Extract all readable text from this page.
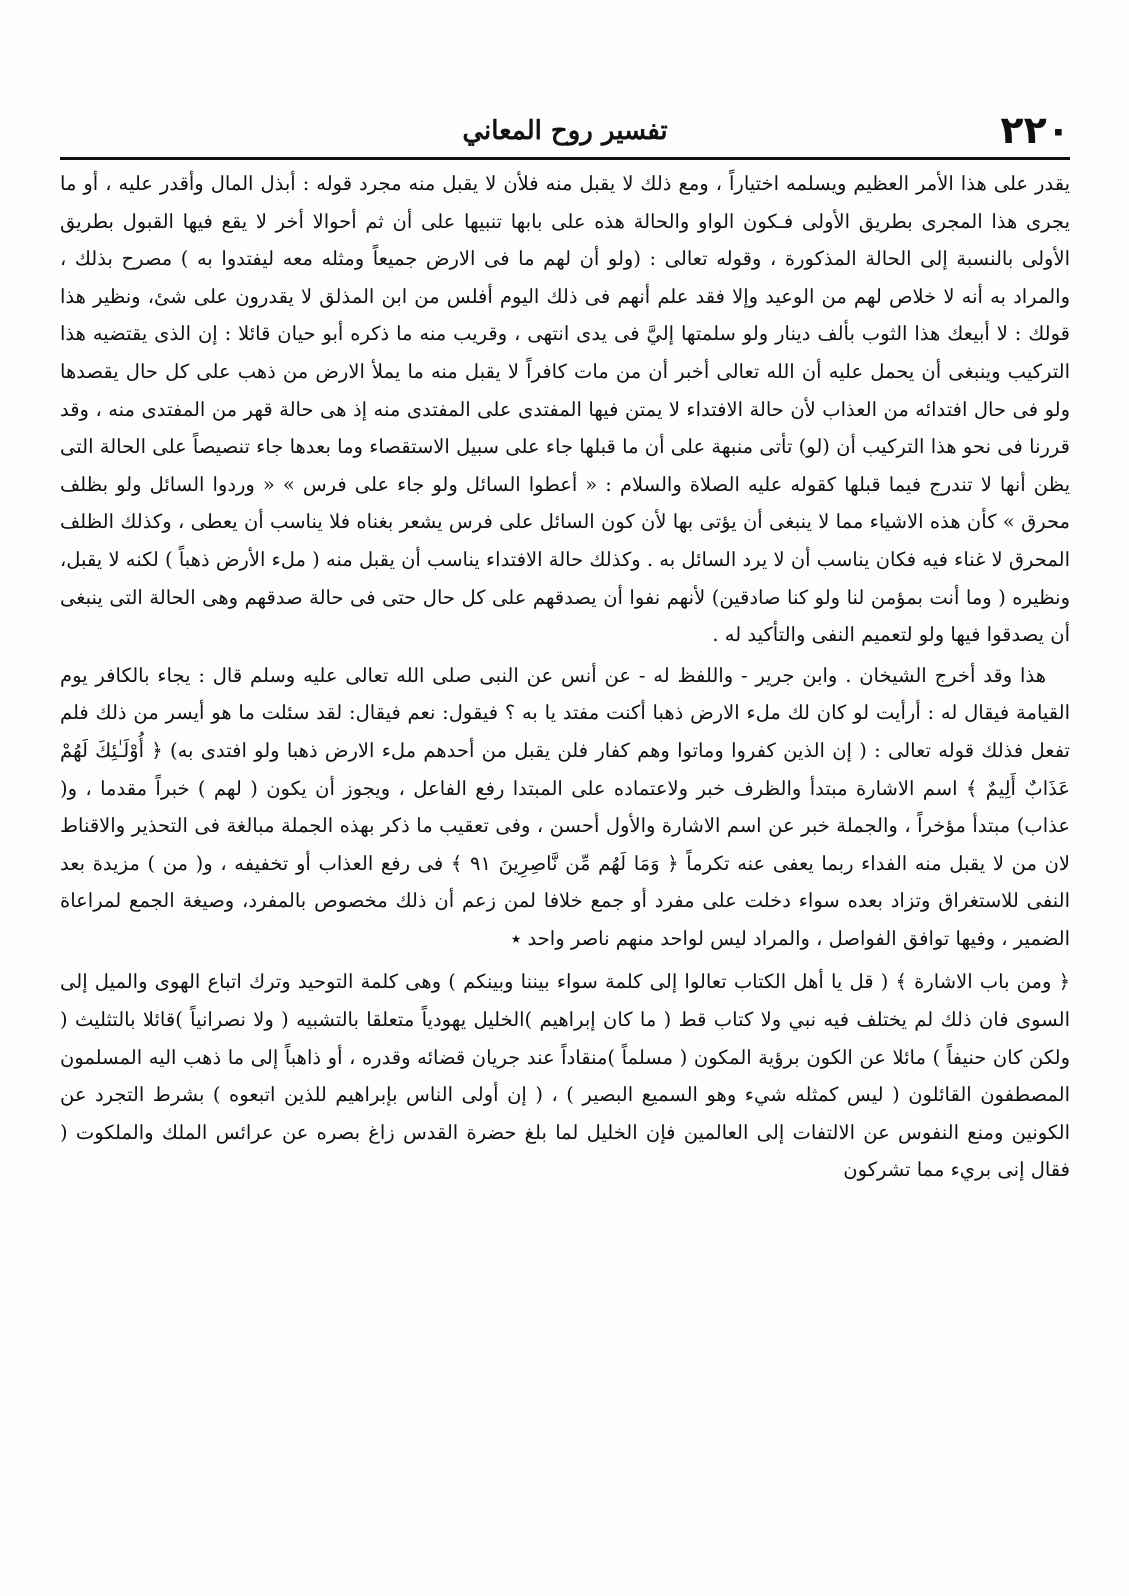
٢٢٠
تفسير روح المعاني

يقدر على هذا الأمر العظيم ويسلمه اختياراً ، ومع ذلك لا يقبل منه فلأن لا يقبل منه مجرد قوله : أبذل المال وأقدر عليه ، أو ما يجرى هذا المجرى بطريق الأولى فـكون الواو والحالة هذه على بابها تنبيها على أن ثم أحوالا أخر لا يقع فيها القبول بطريق الأولى بالنسبة إلى الحالة المذكورة ، وقوله تعالى : (ولو أن لهم ما فى الارض جميعاً ومثله معه ليفتدوا به ) مصرح بذلك ، والمراد به أنه لا خلاص لهم من الوعيد وإلا فقد علم أنهم فى ذلك اليوم أفلس من ابن المذلق لا يقدرون على شئ، ونظير هذا قولك : لا أبيعك هذا الثوب بألف دينار ولو سلمتها إليَّ فى يدى انتهى ، وقريب منه ما ذكره أبو حيان قائلا : إن الذى يقتضيه هذا التركيب وينبغى أن يحمل عليه أن الله تعالى أخبر أن من مات كافراً لا يقبل منه ما يملأ الارض من ذهب على كل حال يقصدها ولو فى حال افتدائه من العذاب لأن حالة الافتداء لا يمتن فيها المفتدى على المفتدى منه إذ هى حالة قهر من المفتدى منه ، وقد قررنا فى نحو هذا التركيب أن (لو) تأتى منبهة على أن ما قبلها جاء على سبيل الاستقصاء وما بعدها جاء تنصيصاً على الحالة التى يظن أنها لا تندرج فيما قبلها كقوله عليه الصلاة والسلام : « أعطوا السائل ولو جاء على فرس » « وردوا السائل ولو بظلف محرق » كأن هذه الاشياء مما لا ينبغى أن يؤتى بها لأن كون السائل على فرس يشعر بغناه فلا يناسب أن يعطى ، وكذلك الظلف المحرق لا غناء فيه فكان يناسب أن لا يرد السائل به . وكذلك حالة الافتداء يناسب أن يقبل منه ( ملء الأرض ذهباً ) لكنه لا يقبل، ونظيره ( وما أنت بمؤمن لنا ولو كنا صادقين) لأنهم نفوا أن يصدقهم على كل حال حتى فى حالة صدقهم وهى الحالة التى ينبغى أن يصدقوا فيها ولو لتعميم النفى والتأكيد له .

هذا وقد أخرج الشيخان . وابن جرير - واللفظ له - عن أنس عن النبى صلى الله تعالى عليه وسلم قال : يجاء بالكافر يوم القيامة فيقال له : أرأيت لو كان لك ملء الارض ذهبا أكنت مفتد يا به ؟ فيقول: نعم فيقال: لقد سئلت ما هو أيسر من ذلك فلم تفعل فذلك قوله تعالى : ( إن الذين كفروا وماتوا وهم كفار فلن يقبل من أحدهم ملء الارض ذهبا ولو افتدى به) ﴿ أُوْلَـٰئِكَ لَهُمْ عَذَابٌ أَلِيمٌ ﴾ اسم الاشارة مبتدأ والظرف خبر ولاعتماده على المبتدا رفع الفاعل ، ويجوز أن يكون ( لهم ) خبراً مقدما ، و( عذاب) مبتدأ مؤخراً ، والجملة خبر عن اسم الاشارة والأول أحسن ، وفى تعقيب ما ذكر بهذه الجملة مبالغة فى التحذير والاقناط لان من لا يقبل منه الفداء ربما يعفى عنه تكرماً ﴿ وَمَا لَهُم مِّن نَّاصِرِينَ ٩١ ﴾ فى رفع العذاب أو تخفيفه ، و( من ) مزيدة بعد النفى للاستغراق وتزاد بعده سواء دخلت على مفرد أو جمع خلافا لمن زعم أن ذلك مخصوص بالمفرد، وصيغة الجمع لمراعاة الضمير ، وفيها توافق الفواصل ، والمراد ليس لواحد منهم ناصر واحد ٭

﴿ ومن باب الاشارة ﴾ ( قل يا أهل الكتاب تعالوا إلى كلمة سواء بيننا وبينكم ) وهى كلمة التوحيد وترك اتباع الهوى والميل إلى السوى فان ذلك لم يختلف فيه نبي ولا كتاب قط ( ما كان إبراهيم )الخليل يهودياً متعلقا بالتشبيه ( ولا نصرانياً )قائلا بالتثليث ( ولكن كان حنيفاً ) مائلا عن الكون برؤية المكون ( مسلماً )منقاداً عند جريان قضائه وقدره ، أو ذاهباً إلى ما ذهب اليه المسلمون المصطفون القائلون ( ليس كمثله شيء وهو السميع البصير ) ، ( إن أولى الناس بإبراهيم للذين اتبعوه ) بشرط التجرد عن الكونين ومنع النفوس عن الالتفات إلى العالمين فإن الخليل لما بلغ حضرة القدس زاغ بصره عن عرائس الملك والملكوت ( فقال إنى بريء مما تشركون
